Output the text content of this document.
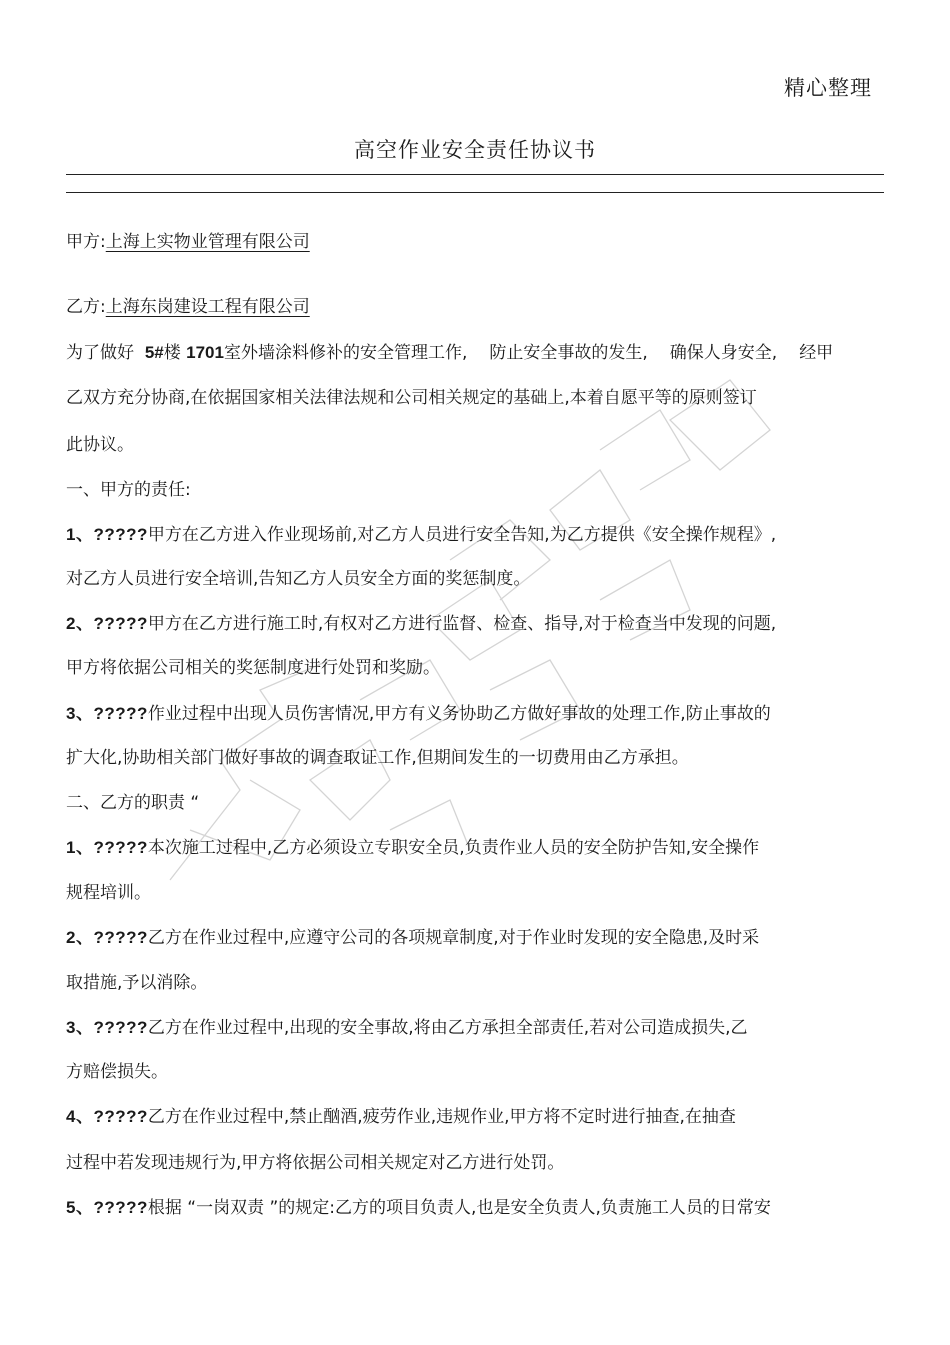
精心整理
高空作业安全责任协议书
甲方:上海上实物业管理有限公司
乙方:上海东岗建设工程有限公司
为了做好 5#楼 1701室外墙涂料修补的安全管理工作, 防止安全事故的发生, 确保人身安全, 经甲
乙双方充分协商,在依据国家相关法律法规和公司相关规定的基础上,本着自愿平等的原则签订
此协议。
一、甲方的责任:
1、?????甲方在乙方进入作业现场前,对乙方人员进行安全告知,为乙方提供《安全操作规程》,
对乙方人员进行安全培训,告知乙方人员安全方面的奖惩制度。
2、?????甲方在乙方进行施工时,有权对乙方进行监督、检查、指导,对于检查当中发现的问题,
甲方将依据公司相关的奖惩制度进行处罚和奖励。
3、?????作业过程中出现人员伤害情况,甲方有义务协助乙方做好事故的处理工作,防止事故的
扩大化,协助相关部门做好事故的调查取证工作,但期间发生的一切费用由乙方承担。
二、乙方的职责 “
1、?????本次施工过程中,乙方必须设立专职安全员,负责作业人员的安全防护告知,安全操作
规程培训。
2、?????乙方在作业过程中,应遵守公司的各项规章制度,对于作业时发现的安全隐患,及时采
取措施,予以消除。
3、?????乙方在作业过程中,出现的安全事故,将由乙方承担全部责任,若对公司造成损失,乙
方赔偿损失。
4、?????乙方在作业过程中,禁止酗酒,疲劳作业,违规作业,甲方将不定时进行抽查,在抽查
过程中若发现违规行为,甲方将依据公司相关规定对乙方进行处罚。
5、?????根据 “一岗双责 ”的规定:乙方的项目负责人,也是安全负责人,负责施工人员的日常安
